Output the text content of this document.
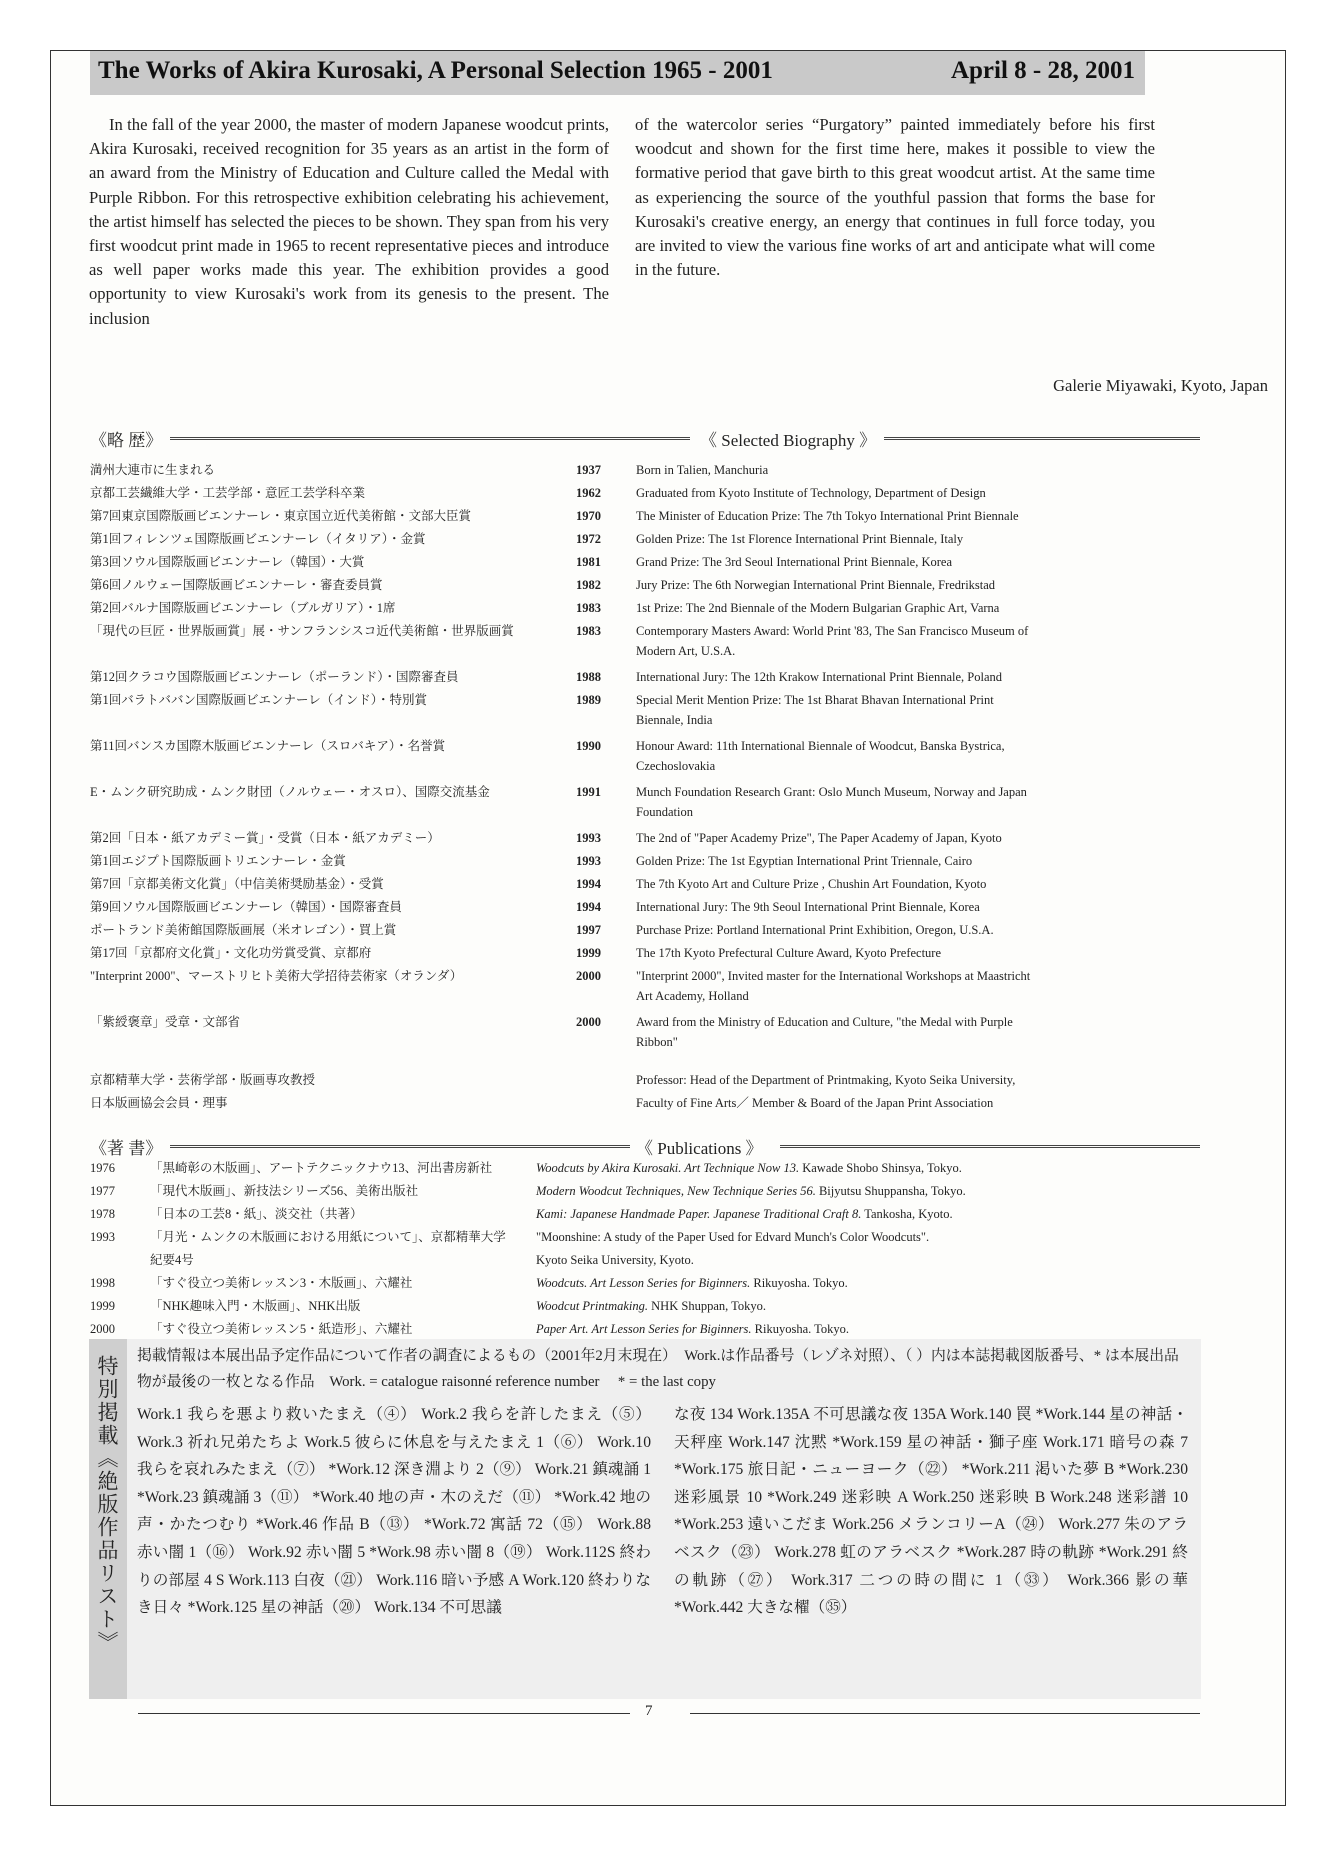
The Works of Akira Kurosaki, A Personal Selection 1965 - 2001	April 8 - 28, 2001

In the fall of the year 2000, the master of modern Japanese woodcut prints, Akira Kurosaki, received recognition for 35 years as an artist in the form of an award from the Ministry of Education and Culture called the Medal with Purple Ribbon. For this retrospective exhibition celebrating his achievement, the artist himself has selected the pieces to be shown. They span from his very first woodcut print made in 1965 to recent representative pieces and introduce as well paper works made this year. The exhibition provides a good opportunity to view Kurosaki's work from its genesis to the present. The inclusion

of the watercolor series “Purgatory” painted immediately before his first woodcut and shown for the first time here, makes it possible to view the formative period that gave birth to this great woodcut artist. At the same time as experiencing the source of the youthful passion that forms the base for Kurosaki's creative energy, an energy that continues in full force today, you are invited to view the various fine works of art and anticipate what will come in the future.

Galerie Miyawaki, Kyoto, Japan
《略 歴》	《 Selected Biography 》
満州大連市に生まれる	1937	Born in Talien, Manchuria
京都工芸繊維大学・工芸学部・意匠工芸学科卒業	1962	Graduated from Kyoto Institute of Technology, Department of Design
第7回東京国際版画ビエンナーレ・東京国立近代美術館・文部大臣賞	1970	The Minister of Education Prize: The 7th Tokyo International Print Biennale
第1回フィレンツェ国際版画ビエンナーレ（イタリア）・金賞	1972	Golden Prize: The 1st Florence International Print Biennale, Italy
第3回ソウル国際版画ビエンナーレ（韓国）・大賞	1981	Grand Prize: The 3rd Seoul International Print Biennale, Korea
第6回ノルウェー国際版画ビエンナーレ・審査委員賞	1982	Jury Prize: The 6th Norwegian International Print Biennale, Fredrikstad
第2回バルナ国際版画ビエンナーレ（ブルガリア）・1席	1983	1st Prize: The 2nd Biennale of the Modern Bulgarian Graphic Art, Varna
「現代の巨匠・世界版画賞」展・サンフランシスコ近代美術館・世界版画賞	1983	Contemporary Masters Award: World Print '83, The San Francisco Museum of Modern Art, U.S.A.
第12回クラコウ国際版画ビエンナーレ（ポーランド）・国際審査員	1988	International Jury: The 12th Krakow International Print Biennale, Poland
第1回バラトババン国際版画ビエンナーレ（インド）・特別賞	1989	Special Merit Mention Prize: The 1st Bharat Bhavan International Print Biennale, India
第11回バンスカ国際木版画ビエンナーレ（スロバキア）・名誉賞	1990	Honour Award: 11th International Biennale of Woodcut, Banska Bystrica, Czechoslovakia
E・ムンク研究助成・ムンク財団（ノルウェー・オスロ）、国際交流基金	1991	Munch Foundation Research Grant: Oslo Munch Museum, Norway and Japan Foundation
第2回「日本・紙アカデミー賞」・受賞（日本・紙アカデミー）	1993	The 2nd of "Paper Academy Prize", The Paper Academy of Japan, Kyoto
第1回エジプト国際版画トリエンナーレ・金賞	1993	Golden Prize: The 1st Egyptian International Print Triennale, Cairo
第7回「京都美術文化賞」（中信美術奨励基金）・受賞	1994	The 7th Kyoto Art and Culture Prize , Chushin Art Foundation, Kyoto
第9回ソウル国際版画ビエンナーレ（韓国）・国際審査員	1994	International Jury: The 9th Seoul International Print Biennale, Korea
ポートランド美術館国際版画展（米オレゴン）・買上賞	1997	Purchase Prize: Portland International Print Exhibition, Oregon, U.S.A.
第17回「京都府文化賞」・文化功労賞受賞、京都府	1999	The 17th Kyoto Prefectural Culture Award, Kyoto Prefecture
"Interprint 2000"、マーストリヒト美術大学招待芸術家（オランダ）	2000	"Interprint 2000", Invited master for the International Workshops at Maastricht Art Academy, Holland
「紫綬褒章」受章・文部省	2000	Award from the Ministry of Education and Culture, "the Medal with Purple Ribbon"
京都精華大学・芸術学部・版画専攻教授	Professor: Head of the Department of Printmaking, Kyoto Seika University,
日本版画協会会員・理事	Faculty of Fine Arts／ Member & Board of the Japan Print Association
《著 書》	《 Publications 》
1976	「黒崎彰の木版画」、アートテクニックナウ13、河出書房新社	Woodcuts by Akira Kurosaki. Art Technique Now 13. Kawade Shobo Shinsya, Tokyo.
1977	「現代木版画」、新技法シリーズ56、美術出版社	Modern Woodcut Techniques, New Technique Series 56. Bijyutsu Shuppansha, Tokyo.
1978	「日本の工芸8・紙」、淡交社（共著）	Kami: Japanese Handmade Paper. Japanese Traditional Craft 8. Tankosha, Kyoto.
1993	「月光・ムンクの木版画における用紙について」、京都精華大学 "Moonshine: A study of the Paper Used for Edvard Munch's Color Woodcuts".
紀要4号	Kyoto Seika University, Kyoto.
1998	「すぐ役立つ美術レッスン3・木版画」、六耀社	Woodcuts. Art Lesson Series for Biginners. Rikuyosha. Tokyo.
1999	「NHK趣味入門・木版画」、NHK出版	Woodcut Printmaking. NHK Shuppan, Tokyo.
2000	「すぐ役立つ美術レッスン5・紙造形」、六耀社	Paper Art. Art Lesson Series for Biginners. Rikuyosha. Tokyo.
特別掲載《絶版作品リスト》 掲載情報は本展出品予定作品について作者の調査によるもの（2001年2月末現在）　Work.は作品番号（レゾネ対照）、（ ）内は本誌掲載図版番号、* は本展出品物が最後の一枚となる作品　Work. = catalogue raisonné reference number　 * = the last copy
Work.1 我らを悪より救いたまえ（④） Work.2 我らを許したまえ（⑤） Work.3 祈れ兄弟たちよ Work.5 彼らに休息を与えたまえ 1（⑥） Work.10 我らを哀れみたまえ（⑦） *Work.12 深き淵より 2（⑨） Work.21 鎮魂誦 1 *Work.23 鎮魂誦 3（⑪） *Work.40 地の声・木のえだ（⑪） *Work.42 地の声・かたつむり *Work.46 作品 B（⑬） *Work.72 寓話 72（⑮） Work.88 赤い闇 1（⑯） Work.92 赤い闇 5 *Work.98 赤い闇 8（⑲） Work.112S 終わりの部屋 4 S Work.113 白夜（㉑） Work.116 暗い予感 A Work.120 終わりなき日々 *Work.125 星の神話（⑳） Work.134 不可思議
な夜 134 Work.135A 不可思議な夜 135A Work.140 罠 *Work.144 星の神話・天秤座 Work.147 沈黙 *Work.159 星の神話・獅子座 Work.171 暗号の森 7 *Work.175 旅日記・ニューヨーク（㉒） *Work.211 渇いた夢 B *Work.230 迷彩風景 10 *Work.249 迷彩映 A Work.250 迷彩映 B Work.248 迷彩譜 10 *Work.253 遠いこだま Work.256 メランコリーA（㉔） Work.277 朱のアラベスク（㉓） Work.278 虹のアラベスク *Work.287 時の軌跡 *Work.291 終の軌跡（㉗） Work.317 二つの時の間に 1（㉝） Work.366 影の華 *Work.442 大きな櫂（㉟）
7
